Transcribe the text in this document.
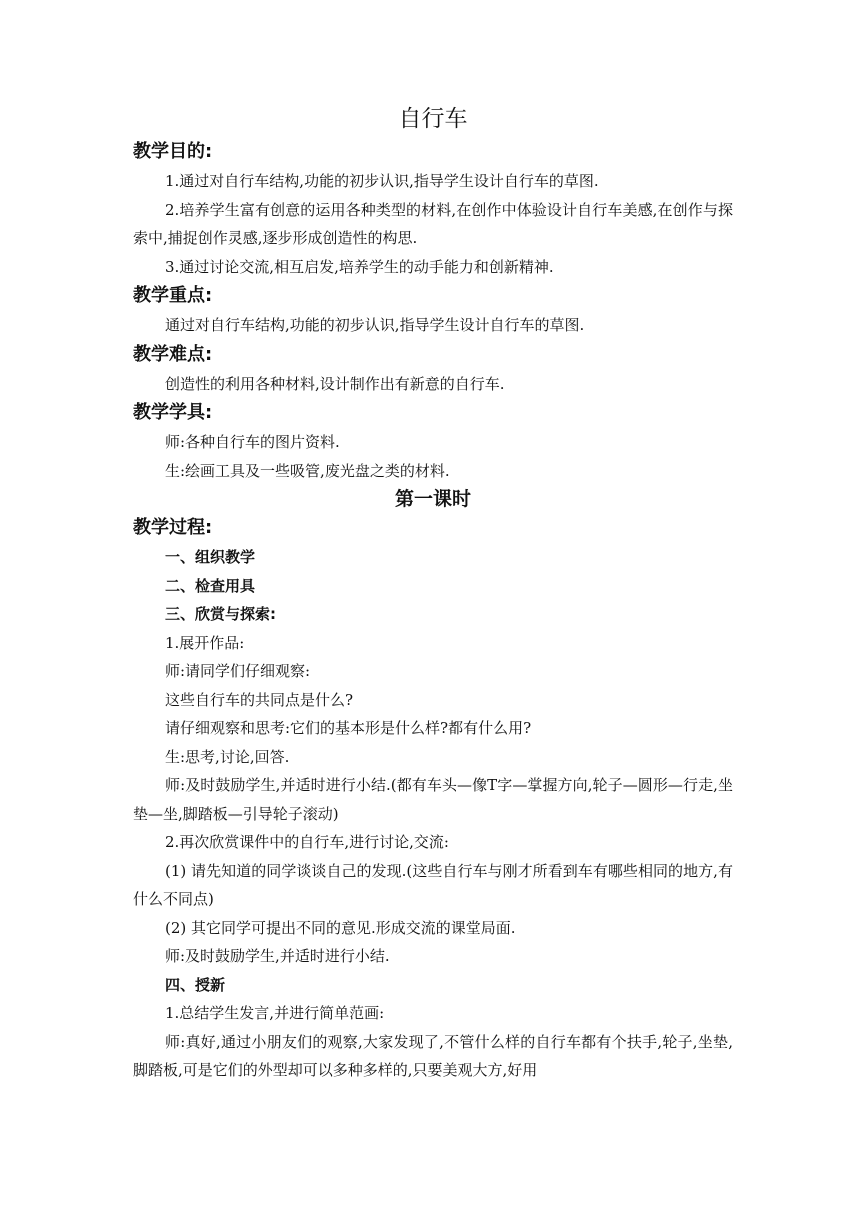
自行车
教学目的:

1.通过对自行车结构,功能的初步认识,指导学生设计自行车的草图.

2.培养学生富有创意的运用各种类型的材料,在创作中体验设计自行车美感,在创作与探索中,捕捉创作灵感,逐步形成创造性的构思.

3.通过讨论交流,相互启发,培养学生的动手能力和创新精神.

教学重点:

通过对自行车结构,功能的初步认识,指导学生设计自行车的草图.

教学难点:

创造性的利用各种材料,设计制作出有新意的自行车.

教学学具:

师:各种自行车的图片资料.

生:绘画工具及一些吸管,废光盘之类的材料.

第一课时
教学过程:

一、组织教学

二、检查用具

三、欣赏与探索:

1.展开作品:

师:请同学们仔细观察:

这些自行车的共同点是什么?

请仔细观察和思考:它们的基本形是什么样?都有什么用?

生:思考,讨论,回答.

师:及时鼓励学生,并适时进行小结.(都有车头—像T字—掌握方向,轮子—圆形—行走,坐垫—坐,脚踏板—引导轮子滚动)

2.再次欣赏课件中的自行车,进行讨论,交流:

(1) 请先知道的同学谈谈自己的发现.(这些自行车与刚才所看到车有哪些相同的地方,有什么不同点)

(2) 其它同学可提出不同的意见.形成交流的课堂局面.

师:及时鼓励学生,并适时进行小结.

四、授新

1.总结学生发言,并进行简单范画:

师:真好,通过小朋友们的观察,大家发现了,不管什么样的自行车都有个扶手,轮子,坐垫,脚踏板,可是它们的外型却可以多种多样的,只要美观大方,好用
